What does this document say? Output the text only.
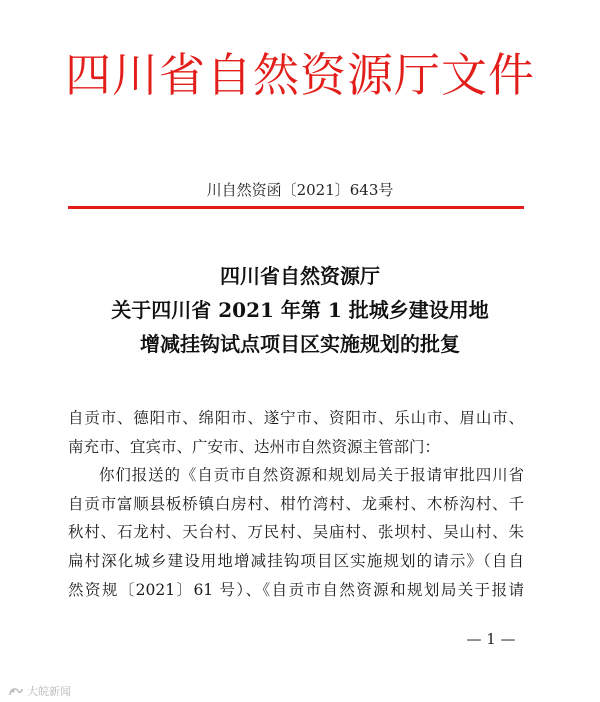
四川省自然资源厅文件
川自然资函〔2021〕643号
四川省自然资源厅
关于四川省 2021 年第 1 批城乡建设用地
增减挂钩试点项目区实施规划的批复
自贡市、德阳市、绵阳市、遂宁市、资阳市、乐山市、眉山市、
南充市、宜宾市、广安市、达州市自然资源主管部门：
你们报送的《自贡市自然资源和规划局关于报请审批四川省
自贡市富顺县板桥镇白房村、柑竹湾村、龙乘村、木桥沟村、千
秋村、石龙村、天台村、万民村、吴庙村、张坝村、吴山村、朱
扁村深化城乡建设用地增减挂钩项目区实施规划的请示》（自自
然资规〔2021〕61 号）、《自贡市自然资源和规划局关于报请
— 1 —
大皖新闻
